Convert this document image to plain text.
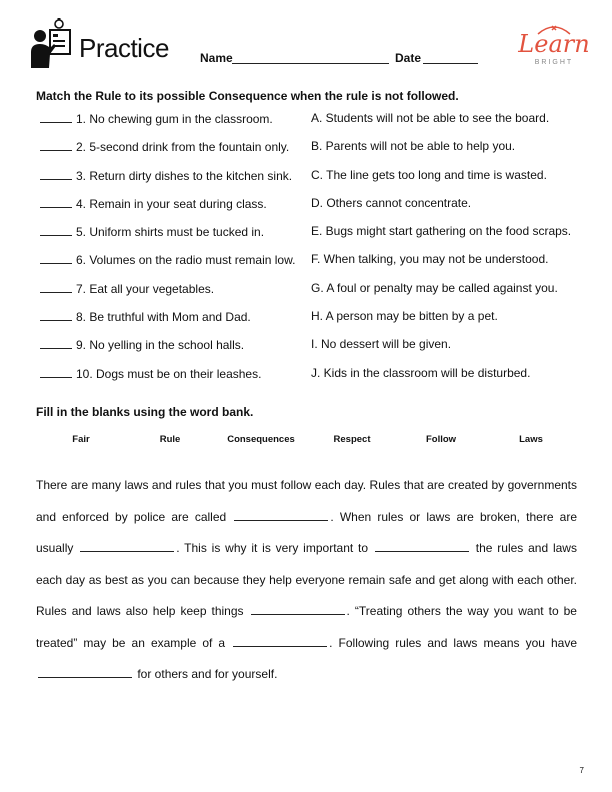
Practice	Name	Date	Learn
BRIGHT
Match the Rule to its possible Consequence when the rule is not followed.
1. No chewing gum in the classroom.	A. Students will not be able to see the board.
2. 5-second drink from the fountain only. B. Parents will not be able to help you.
3. Return dirty dishes to the kitchen sink. C. The line gets too long and time is wasted.
4. Remain in your seat during class.	D. Others cannot concentrate.
5. Uniform shirts must be tucked in.	E. Bugs might start gathering on the food scraps.
6. Volumes on the radio must remain low. F. When talking, you may not be understood.
7. Eat all your vegetables.	G. A foul or penalty may be called against you.
8. Be truthful with Mom and Dad.	H. A person may be bitten by a pet.
9. No yelling in the school halls.	I. No dessert will be given.
10. Dogs must be on their leashes.	J. Kids in the classroom will be disturbed.
Fill in the blanks using the word bank.
Fair	Rule	Consequences	Respect	Follow	Laws
There are many laws and rules that you must follow each day. Rules that are created by governments and enforced by police are called	. When rules or laws are broken, there are usually	. This is why it is very important to	the rules and laws each day as best as you can because they help everyone remain safe and get along with each other. Rules and laws also help keep things	. “Treating others the way you want to be treated” may be an example of a	. Following rules and laws means you have  for others and for yourself.
7
